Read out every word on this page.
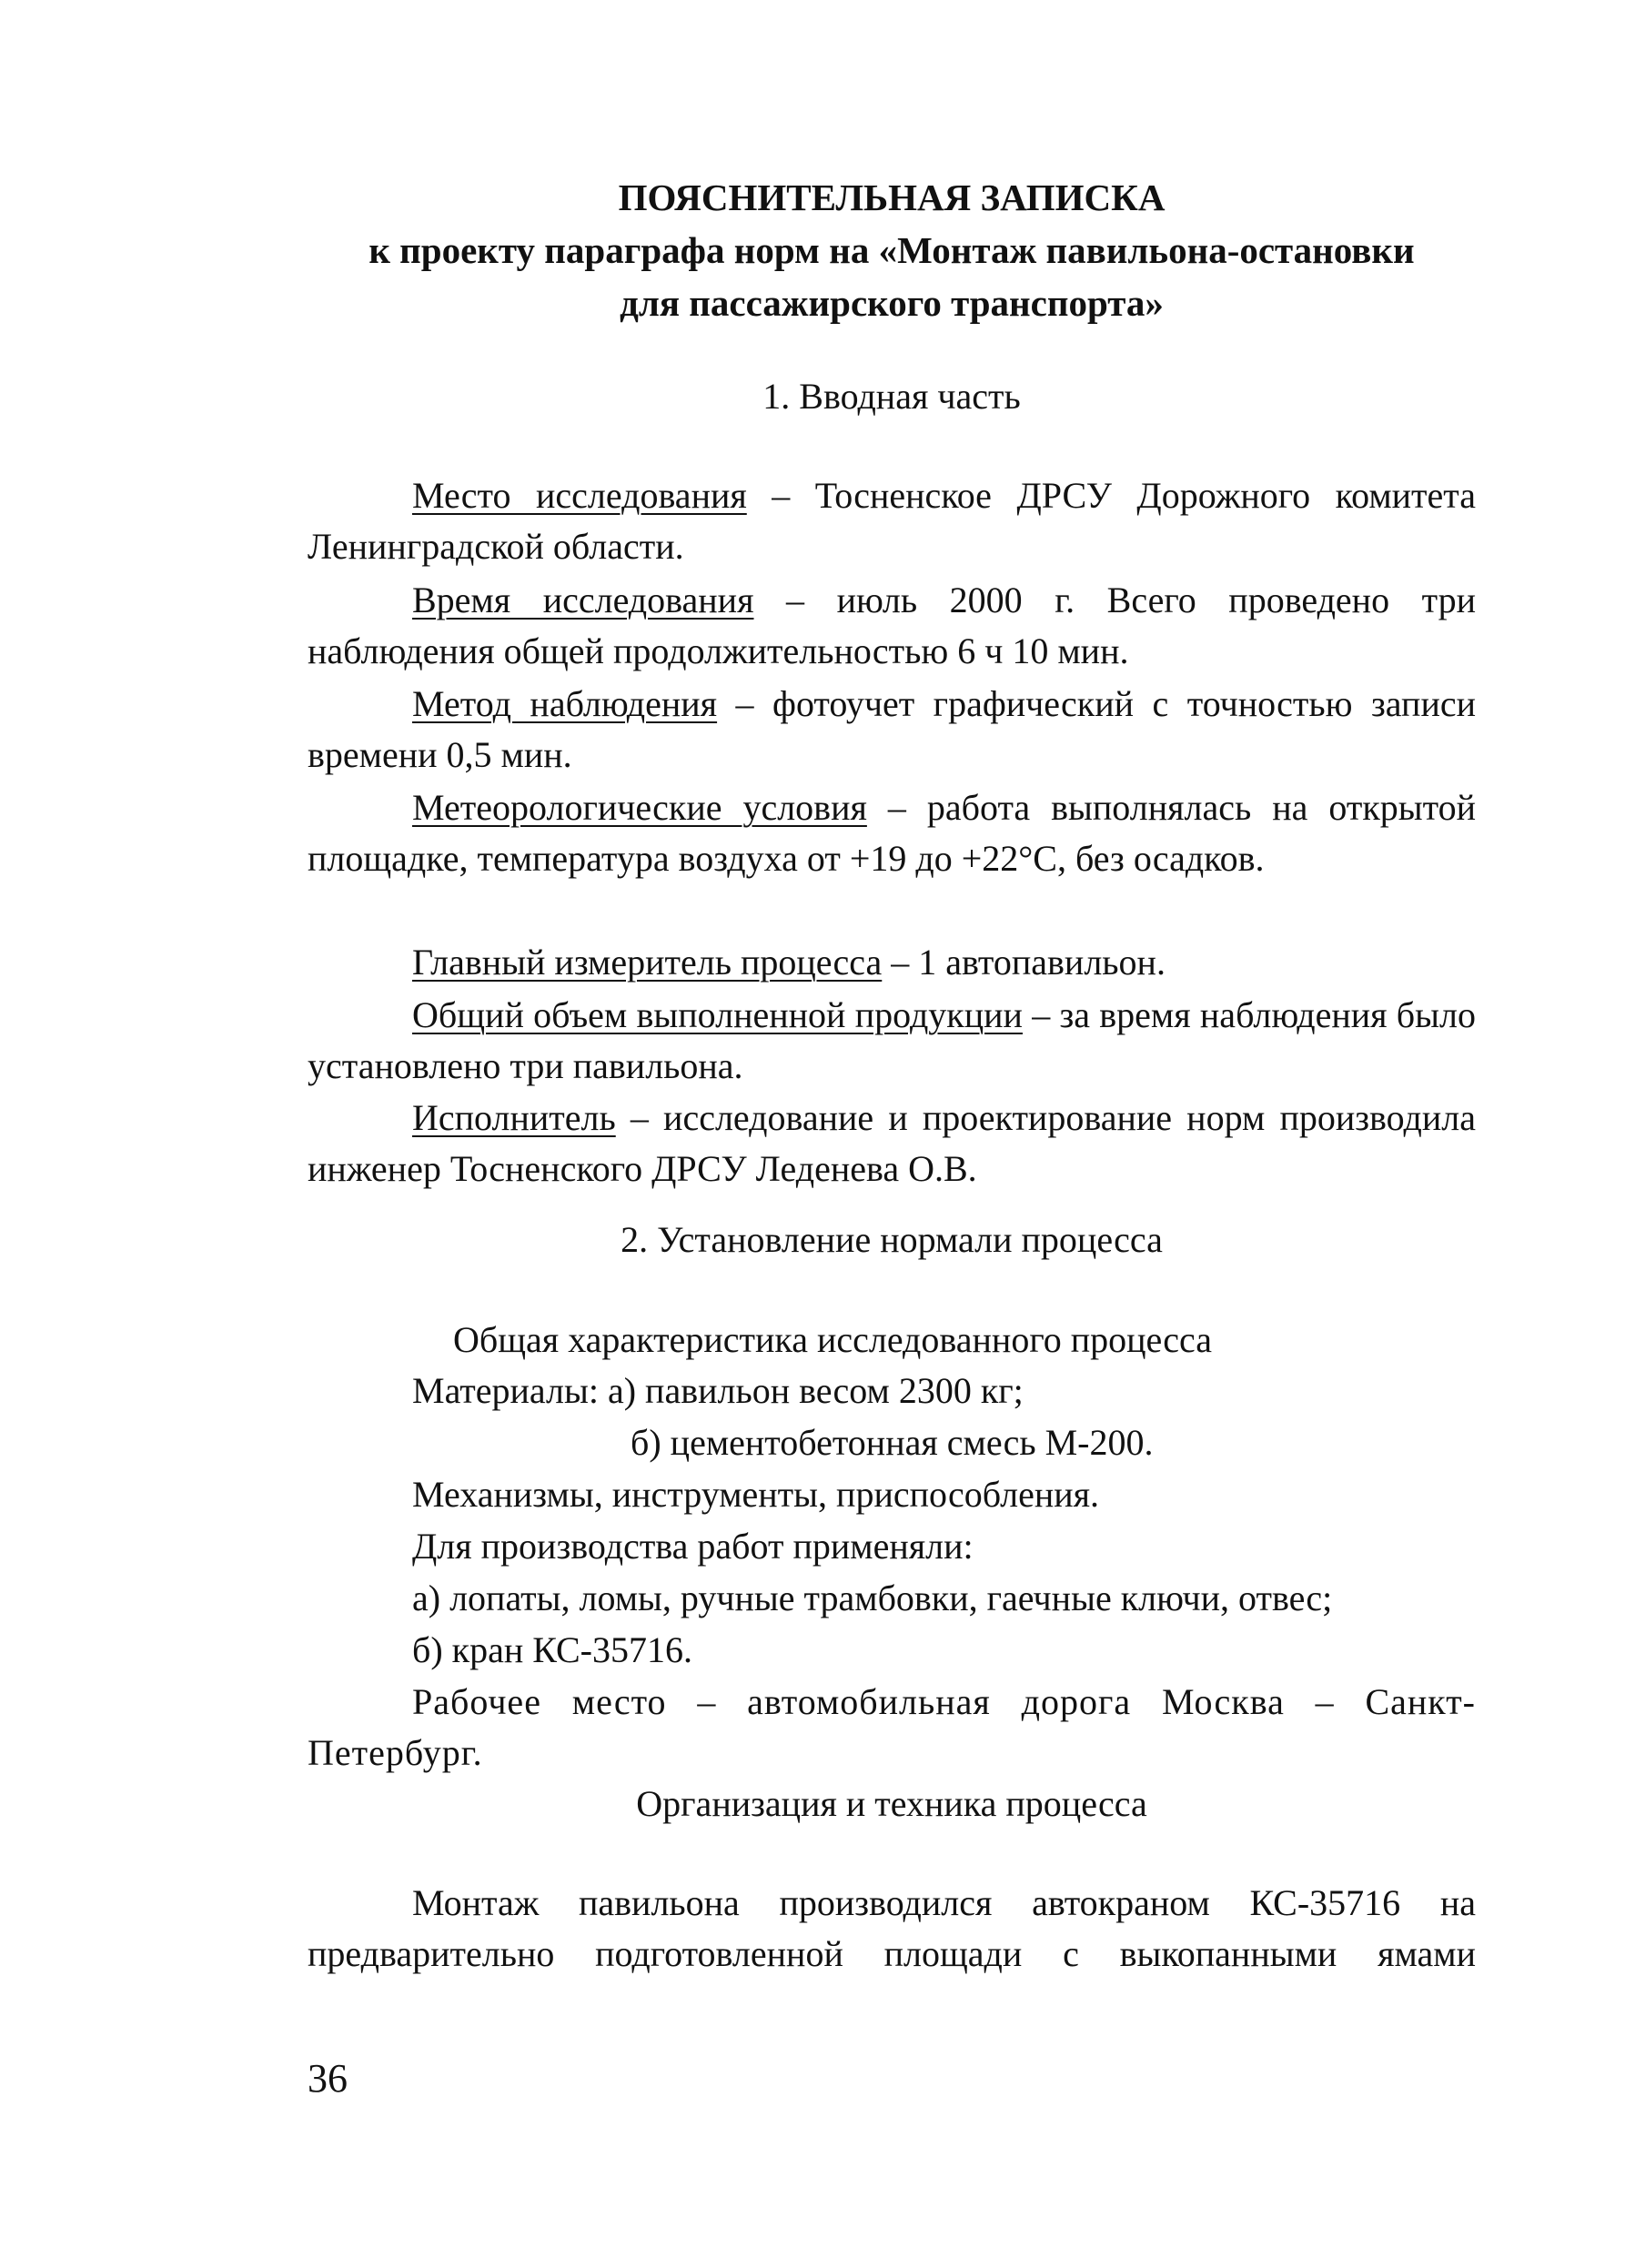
ПОЯСНИТЕЛЬНАЯ ЗАПИСКА
к проекту параграфа норм на «Монтаж павильона-остановки
для пассажирского транспорта»
1. Вводная часть
Место исследования – Тосненское ДРСУ Дорожного комитета Ленинградской области.
Время исследования – июль 2000 г. Всего проведено три наблюдения общей продолжительностью 6 ч 10 мин.
Метод наблюдения – фотоучет графический с точностью записи времени 0,5 мин.
Метеорологические условия – работа выполнялась на открытой площадке, температура воздуха от +19 до +22°С, без осадков.
Главный измеритель процесса – 1 автопавильон.
Общий объем выполненной продукции – за время наблюдения было установлено три павильона.
Исполнитель – исследование и проектирование норм производила инженер Тосненского ДРСУ Леденева О.В.
2. Установление нормали процесса
Общая характеристика исследованного процесса
Материалы: а) павильон весом 2300 кг;
б) цементобетонная смесь М-200.
Механизмы, инструменты, приспособления.
Для производства работ применяли:
а) лопаты, ломы, ручные трамбовки, гаечные ключи, отвес;
б) кран КС-35716.
Рабочее место – автомобильная дорога Москва – Санкт-Петербург.
Организация и техника процесса
Монтаж павильона производился автокраном КС-35716 на предварительно подготовленной площади с выкопанными ямами
36
